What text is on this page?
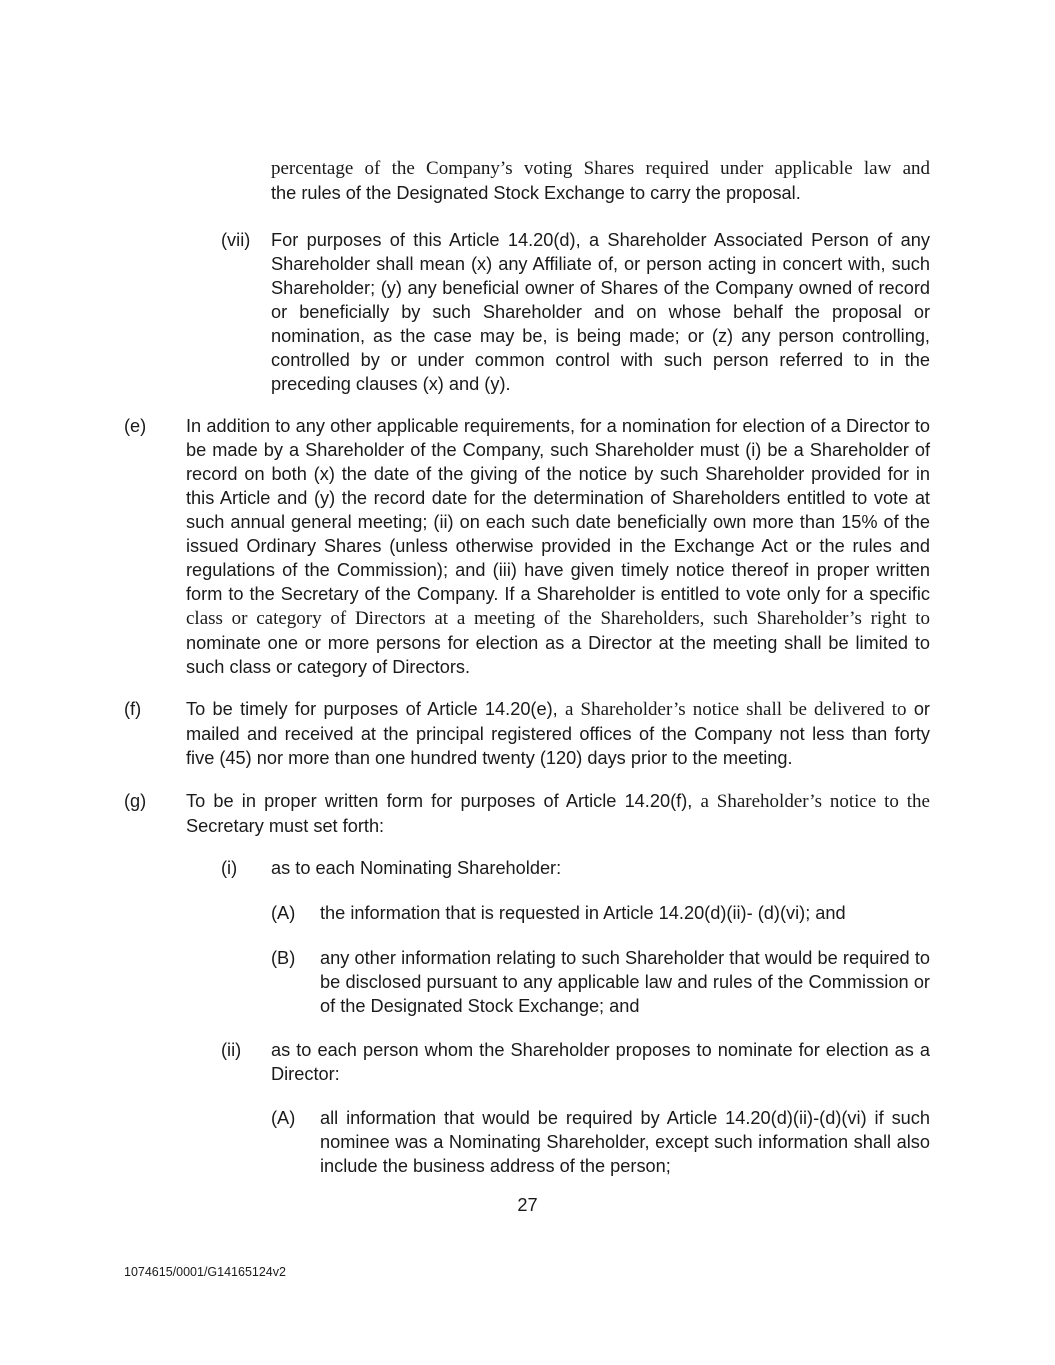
percentage of the Company’s voting Shares required under applicable law and
the rules of the Designated Stock Exchange to carry the proposal.
(vii) For purposes of this Article 14.20(d), a Shareholder Associated Person of any Shareholder shall mean (x) any Affiliate of, or person acting in concert with, such Shareholder; (y) any beneficial owner of Shares of the Company owned of record or beneficially by such Shareholder and on whose behalf the proposal or nomination, as the case may be, is being made; or (z) any person controlling, controlled by or under common control with such person referred to in the preceding clauses (x) and (y).
(e) In addition to any other applicable requirements, for a nomination for election of a Director to be made by a Shareholder of the Company, such Shareholder must (i) be a Shareholder of record on both (x) the date of the giving of the notice by such Shareholder provided for in this Article and (y) the record date for the determination of Shareholders entitled to vote at such annual general meeting; (ii) on each such date beneficially own more than 15% of the issued Ordinary Shares (unless otherwise provided in the Exchange Act or the rules and regulations of the Commission); and (iii) have given timely notice thereof in proper written form to the Secretary of the Company. If a Shareholder is entitled to vote only for a specific class or category of Directors at a meeting of the Shareholders, such Shareholder’s right to nominate one or more persons for election as a Director at the meeting shall be limited to such class or category of Directors.
(f) To be timely for purposes of Article 14.20(e), a Shareholder’s notice shall be delivered to or mailed and received at the principal registered offices of the Company not less than forty five (45) nor more than one hundred twenty (120) days prior to the meeting.
(g) To be in proper written form for purposes of Article 14.20(f), a Shareholder’s notice to the Secretary must set forth:
(i) as to each Nominating Shareholder:
(A) the information that is requested in Article 14.20(d)(ii)- (d)(vi); and
(B) any other information relating to such Shareholder that would be required to be disclosed pursuant to any applicable law and rules of the Commission or of the Designated Stock Exchange; and
(ii) as to each person whom the Shareholder proposes to nominate for election as a Director:
(A) all information that would be required by Article 14.20(d)(ii)-(d)(vi) if such nominee was a Nominating Shareholder, except such information shall also include the business address of the person;
27
1074615/0001/G14165124v2
